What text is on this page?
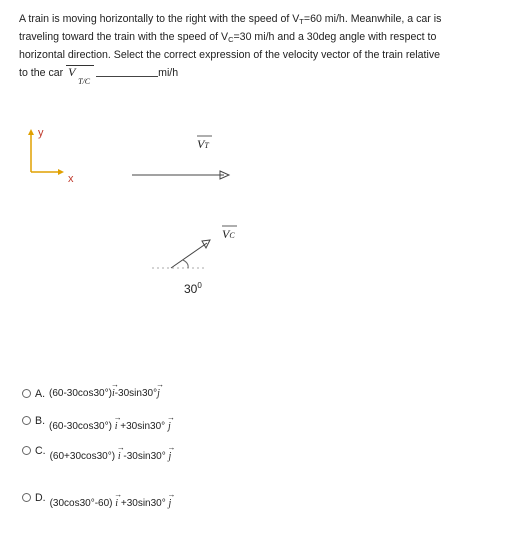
A train is moving horizontally to the right with the speed of $V_T=60$ mi/h. Meanwhile, a car is
traveling toward the train with the speed of $V_C=30$ mi/h and a 30deg angle with respect to
horizontal direction. Select the correct expression of the velocity vector of the train relative
to the car V
T/C
mi/h
y
x
VT
VC
$30^0$
A. (60-30cos30°)→ i-30sin30°→ j
B. (60-30cos30°) → i +30sin30° → j
C. (60+30cos30°) → i -30sin30° → j
D. (30cos30°-60) → i +30sin30° → j
